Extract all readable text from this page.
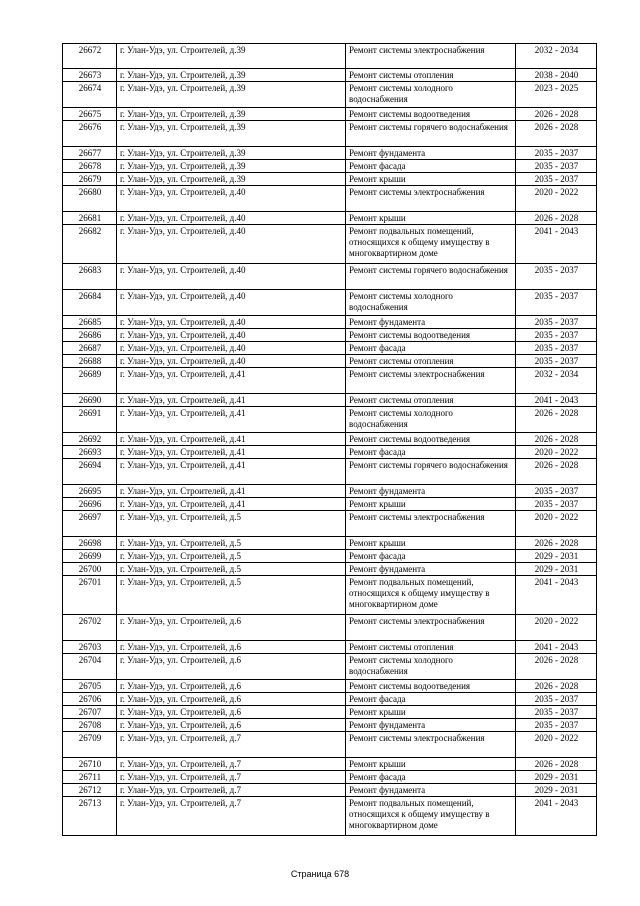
26672	г. Улан-Удэ, ул. Строителей, д.39	Ремонт системы электроснабжения	2032 - 2034
26673	г. Улан-Удэ, ул. Строителей, д.39	Ремонт системы отопления	2038 - 2040
26674	г. Улан-Удэ, ул. Строителей, д.39	Ремонт системы холодного водоснабжения	2023 - 2025
26675	г. Улан-Удэ, ул. Строителей, д.39	Ремонт системы водоотведения	2026 - 2028
26676	г. Улан-Удэ, ул. Строителей, д.39	Ремонт системы горячего водоснабжения	2026 - 2028
26677	г. Улан-Удэ, ул. Строителей, д.39	Ремонт фундамента	2035 - 2037
26678	г. Улан-Удэ, ул. Строителей, д.39	Ремонт фасада	2035 - 2037
26679	г. Улан-Удэ, ул. Строителей, д.39	Ремонт крыши	2035 - 2037
26680	г. Улан-Удэ, ул. Строителей, д.40	Ремонт системы электроснабжения	2020 - 2022
26681	г. Улан-Удэ, ул. Строителей, д.40	Ремонт крыши	2026 - 2028
26682	г. Улан-Удэ, ул. Строителей, д.40	Ремонт подвальных помещений, относящихся к общему имуществу в многоквартирном доме	2041 - 2043
26683	г. Улан-Удэ, ул. Строителей, д.40	Ремонт системы горячего водоснабжения	2035 - 2037
26684	г. Улан-Удэ, ул. Строителей, д.40	Ремонт системы холодного водоснабжения	2035 - 2037
26685	г. Улан-Удэ, ул. Строителей, д.40	Ремонт фундамента	2035 - 2037
26686	г. Улан-Удэ, ул. Строителей, д.40	Ремонт системы водоотведения	2035 - 2037
26687	г. Улан-Удэ, ул. Строителей, д.40	Ремонт фасада	2035 - 2037
26688	г. Улан-Удэ, ул. Строителей, д.40	Ремонт системы отопления	2035 - 2037
26689	г. Улан-Удэ, ул. Строителей, д.41	Ремонт системы электроснабжения	2032 - 2034
26690	г. Улан-Удэ, ул. Строителей, д.41	Ремонт системы отопления	2041 - 2043
26691	г. Улан-Удэ, ул. Строителей, д.41	Ремонт системы холодного водоснабжения	2026 - 2028
26692	г. Улан-Удэ, ул. Строителей, д.41	Ремонт системы водоотведения	2026 - 2028
26693	г. Улан-Удэ, ул. Строителей, д.41	Ремонт фасада	2020 - 2022
26694	г. Улан-Удэ, ул. Строителей, д.41	Ремонт системы горячего водоснабжения	2026 - 2028
26695	г. Улан-Удэ, ул. Строителей, д.41	Ремонт фундамента	2035 - 2037
26696	г. Улан-Удэ, ул. Строителей, д.41	Ремонт крыши	2035 - 2037
26697	г. Улан-Удэ, ул. Строителей, д.5	Ремонт системы электроснабжения	2020 - 2022
26698	г. Улан-Удэ, ул. Строителей, д.5	Ремонт крыши	2026 - 2028
26699	г. Улан-Удэ, ул. Строителей, д.5	Ремонт фасада	2029 - 2031
26700	г. Улан-Удэ, ул. Строителей, д.5	Ремонт фундамента	2029 - 2031
26701	г. Улан-Удэ, ул. Строителей, д.5	Ремонт подвальных помещений, относящихся к общему имуществу в многоквартирном доме	2041 - 2043
26702	г. Улан-Удэ, ул. Строителей, д.6	Ремонт системы электроснабжения	2020 - 2022
26703	г. Улан-Удэ, ул. Строителей, д.6	Ремонт системы отопления	2041 - 2043
26704	г. Улан-Удэ, ул. Строителей, д.6	Ремонт системы холодного водоснабжения	2026 - 2028
26705	г. Улан-Удэ, ул. Строителей, д.6	Ремонт системы водоотведения	2026 - 2028
26706	г. Улан-Удэ, ул. Строителей, д.6	Ремонт фасада	2035 - 2037
26707	г. Улан-Удэ, ул. Строителей, д.6	Ремонт крыши	2035 - 2037
26708	г. Улан-Удэ, ул. Строителей, д.6	Ремонт фундамента	2035 - 2037
26709	г. Улан-Удэ, ул. Строителей, д.7	Ремонт системы электроснабжения	2020 - 2022
26710	г. Улан-Удэ, ул. Строителей, д.7	Ремонт крыши	2026 - 2028
26711	г. Улан-Удэ, ул. Строителей, д.7	Ремонт фасада	2029 - 2031
26712	г. Улан-Удэ, ул. Строителей, д.7	Ремонт фундамента	2029 - 2031
26713	г. Улан-Удэ, ул. Строителей, д.7	Ремонт подвальных помещений, относящихся к общему имуществу в многоквартирном доме	2041 - 2043
Страница 678
